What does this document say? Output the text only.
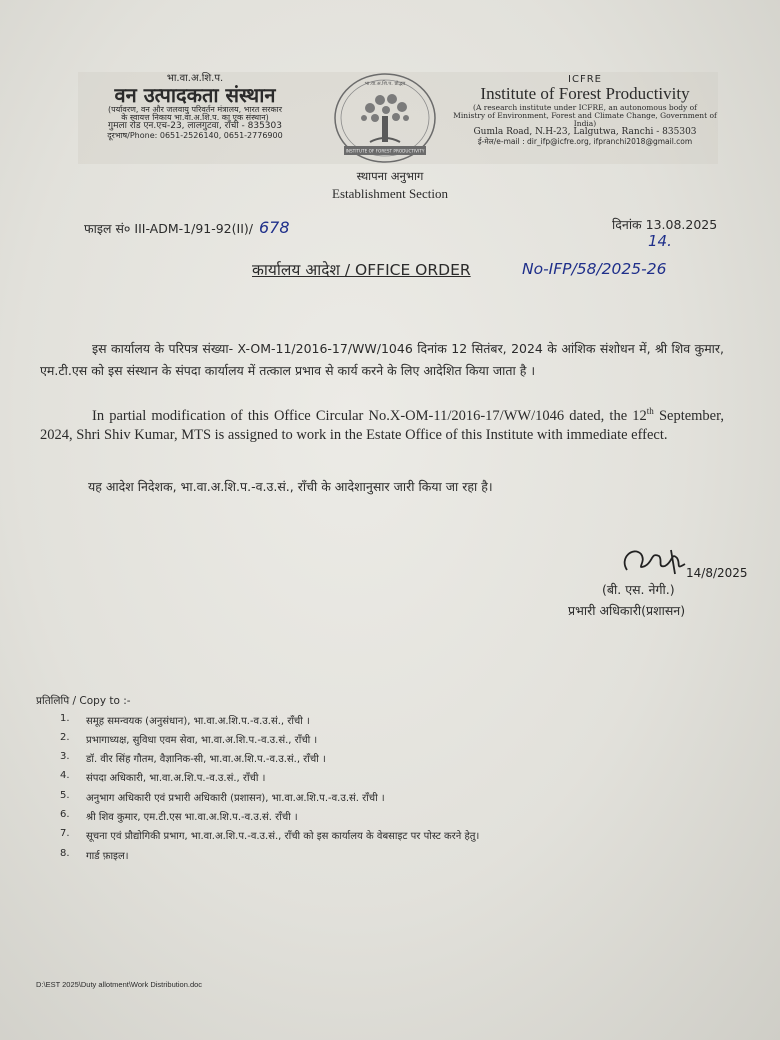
भा.वा.अ.शि.प.
वन उत्पादकता संस्थान
(पर्यावरण, वन और जलवायु परिवर्तन मंत्रालय, भारत सरकार
के स्वायत्त निकाय भा.वा.अ.शि.प. का एक संस्थान)
गुमला रोड एन.एच-23, लालगुटवा, राँची - 835303
दूरभाष/Phone: 0651-2526140, 0651-2776900
INSTITUTE OF FOREST PRODUCTIVITY
भा.वा.अ.शि.प. प्रोद्भव	ICFRE
Institute of Forest Productivity
(A research institute under ICFRE, an autonomous body of
Ministry of Environment, Forest and Climate Change, Government of India)
Gumla Road, N.H-23, Lalgutwa, Ranchi - 835303
ई-मेल/e-mail : dir_ifp@icfre.org, ifpranchi2018@gmail.com
स्थापना अनुभाग
Establishment Section
फाइल सं० III-ADM-1/91-92(II)/ 678	दिनांक 13.08.2025
14.
कार्यालय आदेश / OFFICE ORDER	No-IFP/58/2025-26
इस कार्यालय के परिपत्र संख्या- X-OM-11/2016-17/WW/1046 दिनांक 12 सितंबर, 2024 के आंशिक संशोधन में, श्री शिव कुमार, एम.टी.एस को इस संस्थान के संपदा कार्यालय में तत्काल प्रभाव से कार्य करने के लिए आदेशित किया जाता है ।
In partial modification of this Office Circular No.X-OM-11/2016-17/WW/1046 dated, the 12th September, 2024, Shri Shiv Kumar, MTS is assigned to work in the Estate Office of this Institute with immediate effect.
यह आदेश निदेशक, भा.वा.अ.शि.प.-व.उ.सं., राँची के आदेशानुसार जारी किया जा रहा है।
(बी. एस. नेगी.)
14/8/2025
प्रभारी अधिकारी(प्रशासन)
प्रतिलिपि / Copy to :-
1.	समूह समन्वयक (अनुसंधान), भा.वा.अ.शि.प.-व.उ.सं., राँची ।
2.	प्रभागाध्यक्ष, सुविधा एवम सेवा, भा.वा.अ.शि.प.-व.उ.सं., राँची ।
3.	डॉ. वीर सिंह गौतम, वैज्ञानिक-सी, भा.वा.अ.शि.प.-व.उ.सं., राँची ।
4.	संपदा अधिकारी, भा.वा.अ.शि.प.-व.उ.सं., राँची ।
5.	अनुभाग अधिकारी एवं प्रभारी अधिकारी (प्रशासन), भा.वा.अ.शि.प.-व.उ.सं. राँची ।
6.	श्री शिव कुमार, एम.टी.एस भा.वा.अ.शि.प.-व.उ.सं. राँची ।
7.	सूचना एवं प्रौद्योगिकी प्रभाग, भा.वा.अ.शि.प.-व.उ.सं., राँची को इस कार्यालय के वेबसाइट पर पोस्ट करने हेतु।
8.	गार्ड फ़ाइल।
D:\EST 2025\Duty allotment\Work Distribution.doc
